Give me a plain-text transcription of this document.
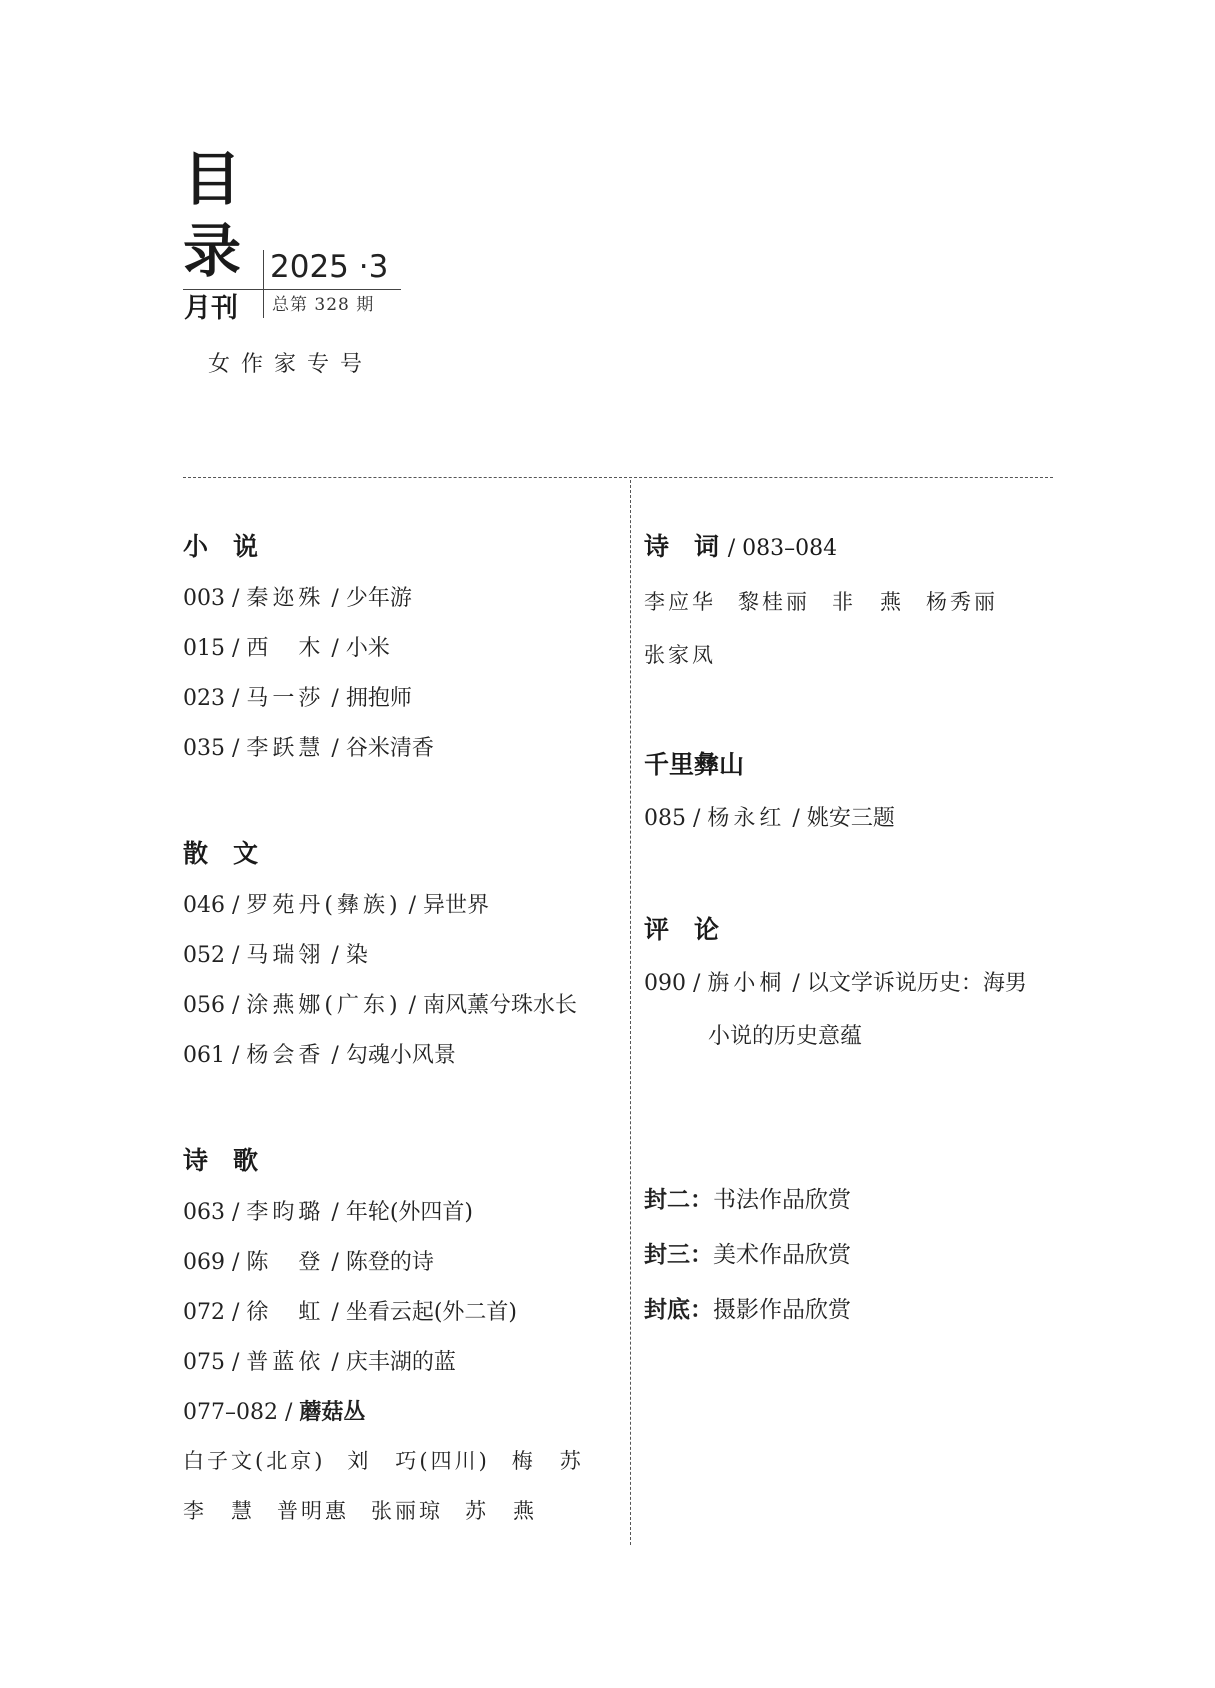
目
录
月刊
2025 ·3
总第 328 期
女作家专号
小　说
003 / 秦迩殊 / 少年游
015 / 西　木 / 小米
023 / 马一莎 / 拥抱师
035 / 李跃慧 / 谷米清香
散　文
046 / 罗苑丹(彝族) / 异世界
052 / 马瑞翎 / 染
056 / 涂燕娜(广东) / 南风薰兮珠水长
061 / 杨会香 / 勾魂小风景
诗　歌
063 / 李昀璐 / 年轮(外四首)
069 / 陈　登 / 陈登的诗
072 / 徐　虹 / 坐看云起(外二首)
075 / 普蓝依 / 庆丰湖的蓝
077–082 / 蘑菇丛
白子文(北京) 刘　巧(四川) 梅　苏
李　慧 普明惠 张丽琼 苏　燕
诗　词 / 083–084
李应华 黎桂丽 非　燕 杨秀丽
张家凤
千里彝山
085 / 杨永红 / 姚安三题
评　论
090 / 旃小桐 / 以文学诉说历史：海男
小说的历史意蕴
封二：书法作品欣赏
封三：美术作品欣赏
封底：摄影作品欣赏
